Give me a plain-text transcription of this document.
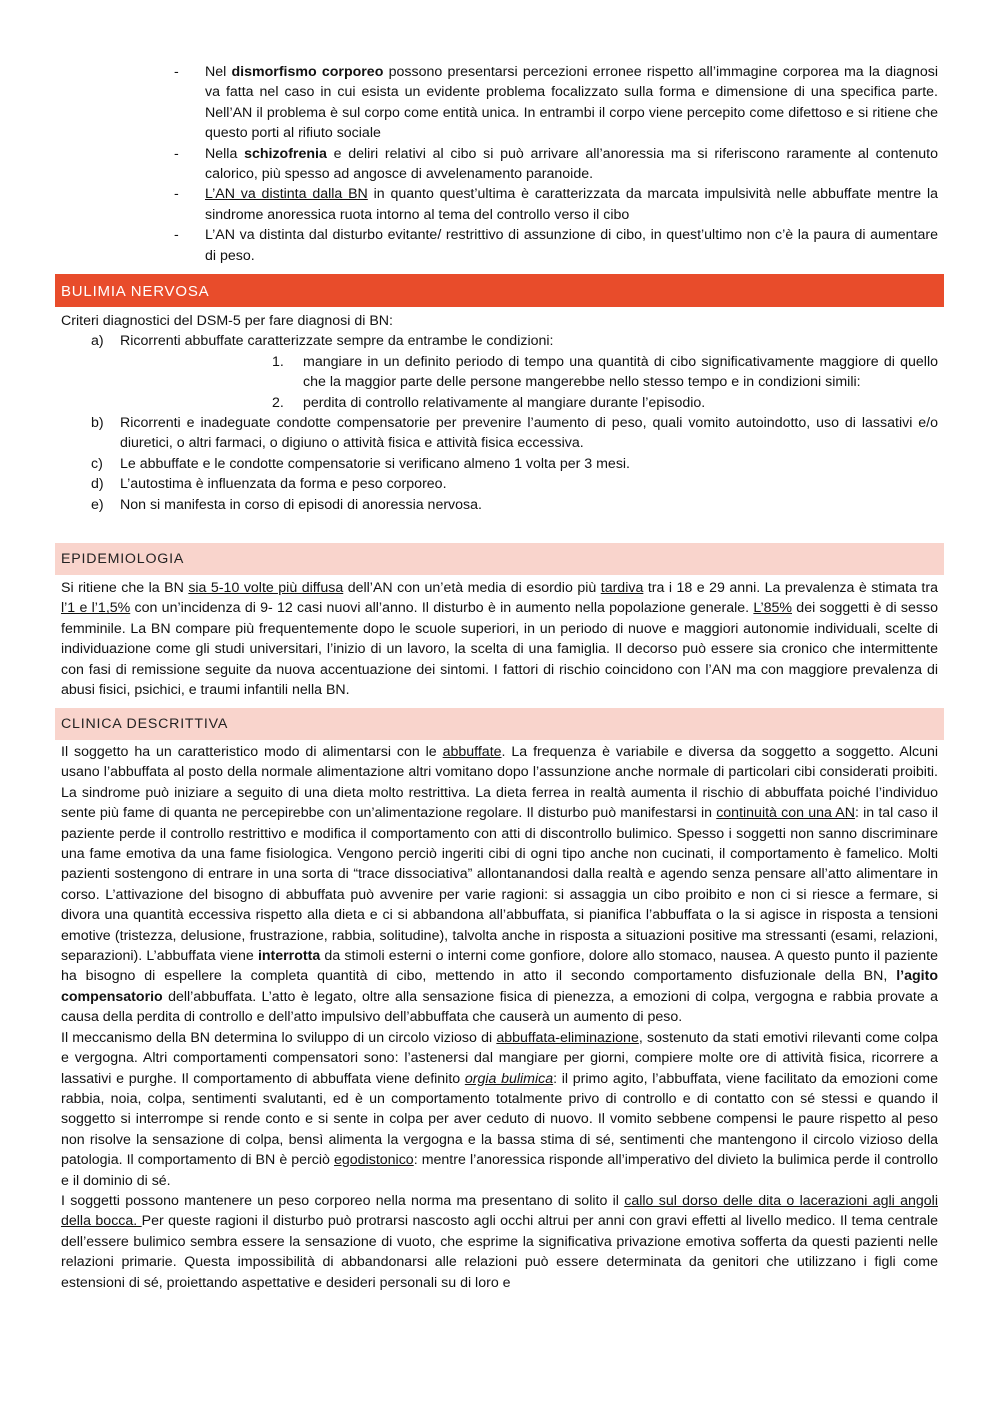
- Nel dismorfismo corporeo possono presentarsi percezioni erronee rispetto all’immagine corporea ma la diagnosi va fatta nel caso in cui esista un evidente problema focalizzato sulla forma e dimensione di una specifica parte. Nell’AN il problema è sul corpo come entità unica. In entrambi il corpo viene percepito come difettoso e si ritiene che questo porti al rifiuto sociale
- Nella schizofrenia e deliri relativi al cibo si può arrivare all’anoressia ma si riferiscono raramente al contenuto calorico, più spesso ad angosce di avvelenamento paranoide.
- L’AN va distinta dalla BN in quanto quest’ultima è caratterizzata da marcata impulsività nelle abbuffate mentre la sindrome anoressica ruota intorno al tema del controllo verso il cibo
- L’AN va distinta dal disturbo evitante/ restrittivo di assunzione di cibo, in quest’ultimo non c’è la paura di aumentare di peso.
BULIMIA NERVOSA
Criteri diagnostici del DSM-5 per fare diagnosi di BN:
a) Ricorrenti abbuffate caratterizzate sempre da entrambe le condizioni:
1. mangiare in un definito periodo di tempo una quantità di cibo significativamente maggiore di quello che la maggior parte delle persone mangerebbe nello stesso tempo e in condizioni simili:
2. perdita di controllo relativamente al mangiare durante l’episodio.
b) Ricorrenti e inadeguate condotte compensatorie per prevenire l’aumento di peso, quali vomito autoindotto, uso di lassativi e/o diuretici, o altri farmaci, o digiuno o attività fisica e attività fisica eccessiva.
c) Le abbuffate e le condotte compensatorie si verificano almeno 1 volta per 3 mesi.
d) L’autostima è influenzata da forma e peso corporeo.
e) Non si manifesta in corso di episodi di anoressia nervosa.
EPIDEMIOLOGIA
Si ritiene che la BN sia 5-10 volte più diffusa dell’AN con un’età media di esordio più tardiva tra i 18 e 29 anni. La prevalenza è stimata tra l’1 e l’1,5% con un’incidenza di 9- 12 casi nuovi all’anno. Il disturbo è in aumento nella popolazione generale. L’85% dei soggetti è di sesso femminile. La BN compare più frequentemente dopo le scuole superiori, in un periodo di nuove e maggiori autonomie individuali, scelte di individuazione come gli studi universitari, l’inizio di un lavoro, la scelta di una famiglia. Il decorso può essere sia cronico che intermittente con fasi di remissione seguite da nuova accentuazione dei sintomi. I fattori di rischio coincidono con l’AN ma con maggiore prevalenza di abusi fisici, psichici, e traumi infantili nella BN.
CLINICA DESCRITTIVA
Il soggetto ha un caratteristico modo di alimentarsi con le abbuffate. La frequenza è variabile e diversa da soggetto a soggetto. Alcuni usano l’abbuffata al posto della normale alimentazione altri vomitano dopo l’assunzione anche normale di particolari cibi considerati proibiti. La sindrome può iniziare a seguito di una dieta molto restrittiva. La dieta ferrea in realtà aumenta il rischio di abbuffata poiché l’individuo sente più fame di quanta ne percepirebbe con un’alimentazione regolare. Il disturbo può manifestarsi in continuità con una AN: in tal caso il paziente perde il controllo restrittivo e modifica il comportamento con atti di discontrollo bulimico. Spesso i soggetti non sanno discriminare una fame emotiva da una fame fisiologica. Vengono perciò ingeriti cibi di ogni tipo anche non cucinati, il comportamento è famelico. Molti pazienti sostengono di entrare in una sorta di “trace dissociativa” allontanandosi dalla realtà e agendo senza pensare all’atto alimentare in corso. L’attivazione del bisogno di abbuffata può avvenire per varie ragioni: si assaggia un cibo proibito e non ci si riesce a fermare, si divora una quantità eccessiva rispetto alla dieta e ci si abbandona all’abbuffata, si pianifica l’abbuffata o la si agisce in risposta a tensioni emotive (tristezza, delusione, frustrazione, rabbia, solitudine), talvolta anche in risposta a situazioni positive ma stressanti (esami, relazioni, separazioni). L’abbuffata viene interrotta da stimoli esterni o interni come gonfiore, dolore allo stomaco, nausea. A questo punto il paziente ha bisogno di espellere la completa quantità di cibo, mettendo in atto il secondo comportamento disfuzionale della BN, l’agito compensatorio dell’abbuffata. L’atto è legato, oltre alla sensazione fisica di pienezza, a emozioni di colpa, vergogna e rabbia provate a causa della perdita di controllo e dell’atto impulsivo dell’abbuffata che causerà un aumento di peso.
Il meccanismo della BN determina lo sviluppo di un circolo vizioso di abbuffata-eliminazione, sostenuto da stati emotivi rilevanti come colpa e vergogna. Altri comportamenti compensatori sono: l’astenersi dal mangiare per giorni, compiere molte ore di attività fisica, ricorrere a lassativi e purghe. Il comportamento di abbuffata viene definito orgia bulimica: il primo agito, l’abbuffata, viene facilitato da emozioni come rabbia, noia, colpa, sentimenti svalutanti, ed è un comportamento totalmente privo di controllo e di contatto con sé stessi e quando il soggetto si interrompe si rende conto e si sente in colpa per aver ceduto di nuovo. Il vomito sebbene compensi le paure rispetto al peso non risolve la sensazione di colpa, bensì alimenta la vergogna e la bassa stima di sé, sentimenti che mantengono il circolo vizioso della patologia. Il comportamento di BN è perciò egodistonico: mentre l’anoressica risponde all’imperativo del divieto la bulimica perde il controllo e il dominio di sé.
I soggetti possono mantenere un peso corporeo nella norma ma presentano di solito il callo sul dorso delle dita o lacerazioni agli angoli della bocca. Per queste ragioni il disturbo può protrarsi nascosto agli occhi altrui per anni con gravi effetti al livello medico. Il tema centrale dell’essere bulimico sembra essere la sensazione di vuoto, che esprime la significativa privazione emotiva sofferta da questi pazienti nelle relazioni primarie. Questa impossibilità di abbandonarsi alle relazioni può essere determinata da genitori che utilizzano i figli come estensioni di sé, proiettando aspettative e desideri personali su di loro e
